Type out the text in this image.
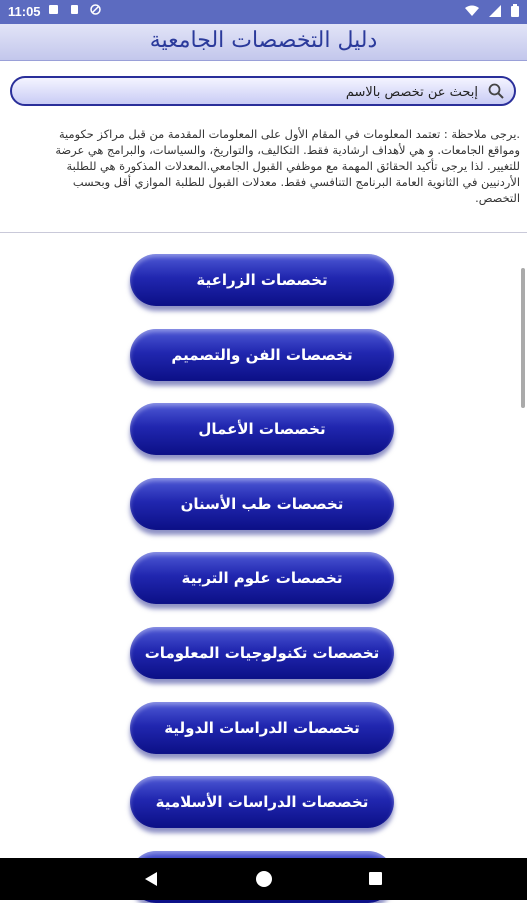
11:05

دليل التخصصات الجامعية
إبحث عن تخصص بالاسم
.يرجى ملاحظة : تعتمد المعلومات في المقام الأول على المعلومات المقدمة من قبل مراكز حكومية ومواقع الجامعات. و هي لأهداف ارشادية فقط. التكاليف، والتواريخ، والسياسات، والبرامج هي عرضة للتغيير. لذا يرجى تأكيد الحقائق المهمة مع موظفي القبول الجامعي.المعدلات المذكورة هي للطلبة الأردنيين في الثانوية العامة البرنامج التنافسي فقط. معدلات القبول للطلبة الموازي أقل وبحسب التخصص.
تخصصات الزراعية
تخصصات الفن والتصميم
تخصصات الأعمال
تخصصات طب الأسنان
تخصصات علوم التربية
تخصصات تكنولوجيات المعلومات
تخصصات الدراسات الدولية
تخصصات الدراسات الأسلامية
